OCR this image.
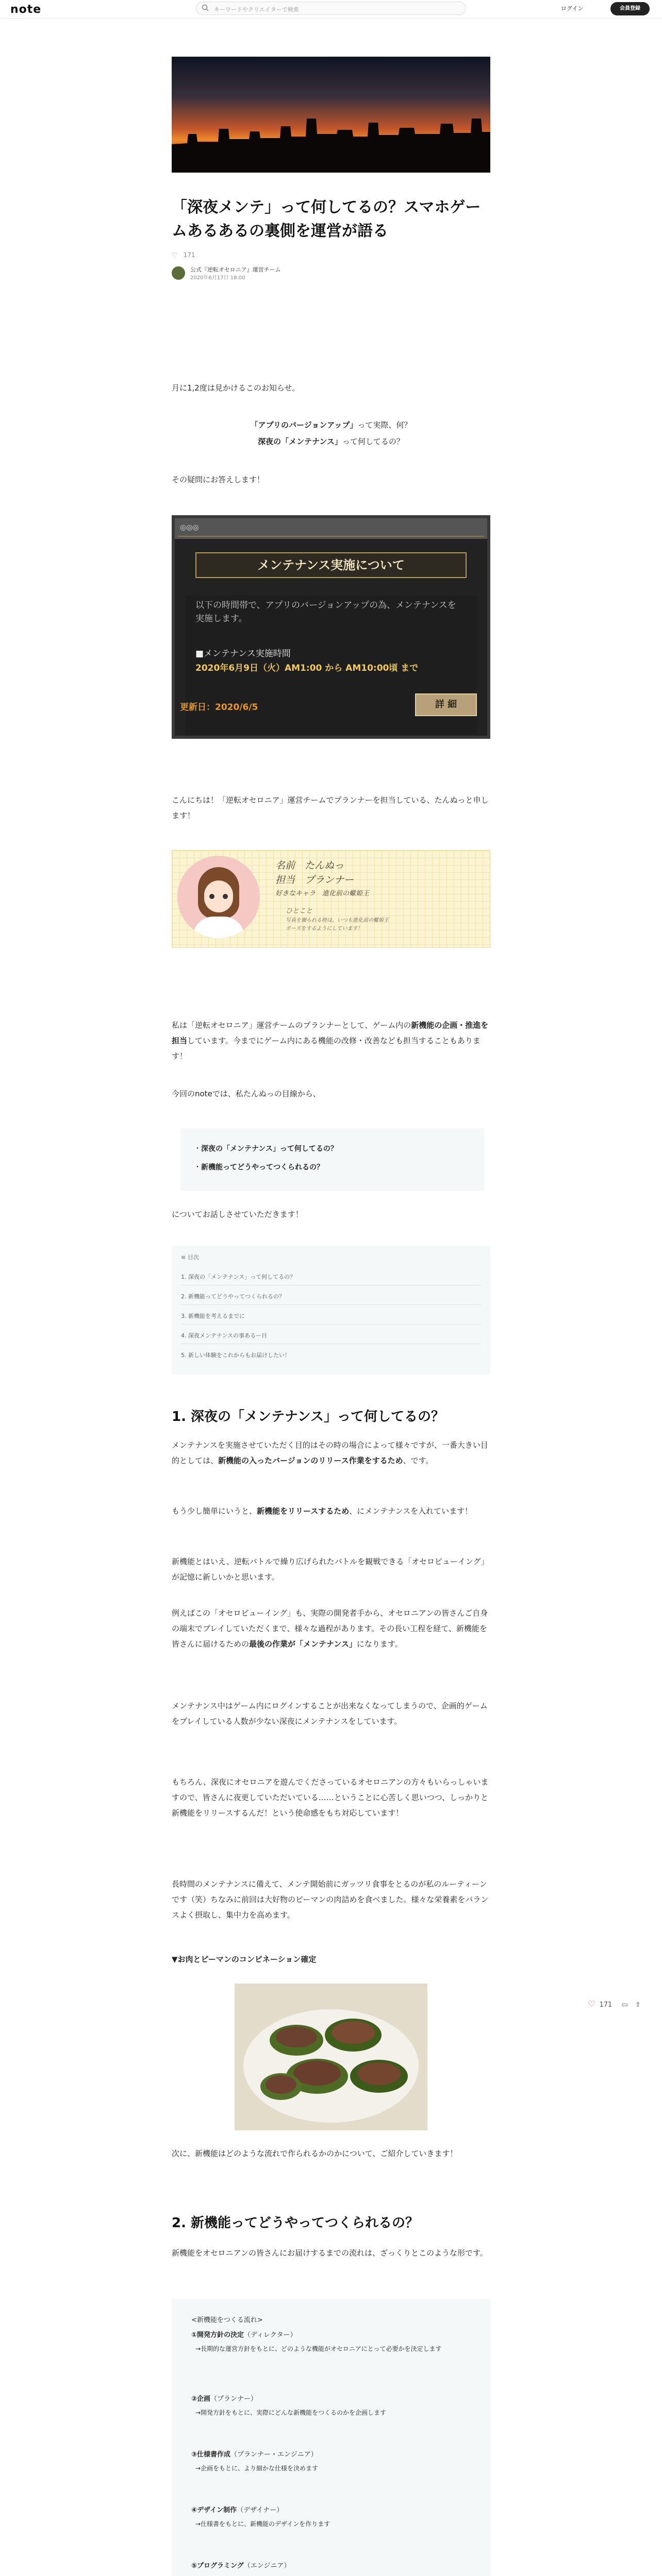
note	キーワードやクリエイターで検索	ログイン	会員登録
「深夜メンテ」って何してるの？スマホゲームあるあるの裏側を運営が語る
♡ 171
公式『逆転オセロニア』運営チーム
2020年6月17日 18:00
月に1,2度は見かけるこのお知らせ。
「アプリのバージョンアップ」って実際、何？
深夜の「メンテナンス」って何してるの？
その疑問にお答えします！
◎◎◎
メンテナンス実施について
以下の時間帯で、アプリのバージョンアップの為、メンテナンスを実施します。
■メンテナンス実施時間
2020年6月9日（火）AM1:00 から AM10:00頃 まで
更新日：2020/6/5	詳 細
こんにちは！「逆転オセロニア」運営チームでプランナーを担当している、たんぬっと申します！
名前　たんぬっ
担当　プランナー
好きなキャラ　進化前の蠍姫王
ひとこと
写真を撮られる時は、いつも進化前の蠍姫王ポーズをするようにしています！
私は「逆転オセロニア」運営チームのプランナーとして、ゲーム内の新機能の企画・推進を担当しています。今までにゲーム内にある機能の改修・改善なども担当することもあります！
今回のnoteでは、私たんぬっの目線から、
・深夜の「メンテナンス」って何してるの？
・新機能ってどうやってつくられるの？
についてお話しさせていただきます！
≡ 目次
1. 深夜の「メンテナンス」って何してるの？
2. 新機能ってどうやってつくられるの？
3. 新機能を考えるまでに
4. 深夜メンテナンスの事あるー日
5. 新しい体験をこれからもお届けしたい！
1. 深夜の「メンテナンス」って何してるの？
メンテナンスを実施させていただく目的はその時の場合によって様々ですが、一番大きい目的としては、新機能の入ったバージョンのリリース作業をするため、です。
もう少し簡単にいうと、新機能をリリースするため、にメンテナンスを入れています！
新機能とはいえ、逆転バトルで繰り広げられたバトルを観戦できる「オセロビューイング」が記憶に新しいかと思います。
例えばこの「オセロビューイング」も、実際の開発者手から、オセロニアンの皆さんご自身の端末でプレイしていただくまで、様々な過程があります。その長い工程を経て、新機能を皆さんに届けるための最後の作業が「メンテナンス」になります。
メンテナンス中はゲーム内にログインすることが出来なくなってしまうので、企画的ゲームをプレイしている人数が少ない深夜にメンテナンスをしています。
もちろん、深夜にオセロニアを遊んでくださっているオセロニアンの方々もいらっしゃいますので、皆さんに夜更していただいている……ということに心苦しく思いつつ、しっかりと新機能をリリースするんだ！という使命感をもち対応しています！
長時間のメンテナンスに備えて、メンテ開始前にガッツリ食事をとるのが私のルーティーンです（笑）ちなみに前回は大好物のピーマンの肉詰めを食べました。様々な栄養素をバランスよく摂取し、集中力を高めます。
▼お肉とピーマンのコンビネーション確定
次に、新機能はどのような流れで作られるかのかについて、ご紹介していきます！
2. 新機能ってどうやってつくられるの？
新機能をオセロニアンの皆さんにお届けするまでの流れは、ざっくりとこのような形です。
<新機能をつくる流れ>
①開発方針の決定（ディレクター）

→長期的な運営方針をもとに、どのような機能がオセロニアにとって必要かを決定します
②企画（プランナー）

→開発方針をもとに、実際にどんな新機能をつくるのかを企画します
③仕様書作成（プランナー・エンジニア）

→企画をもとに、より細かな仕様を決めます
④デザイン制作（デザイナー）

→仕様書をもとに、新機能のデザインを作ります
⑤プログラミング（エンジニア）

♡ 171 ▭ ⇪
